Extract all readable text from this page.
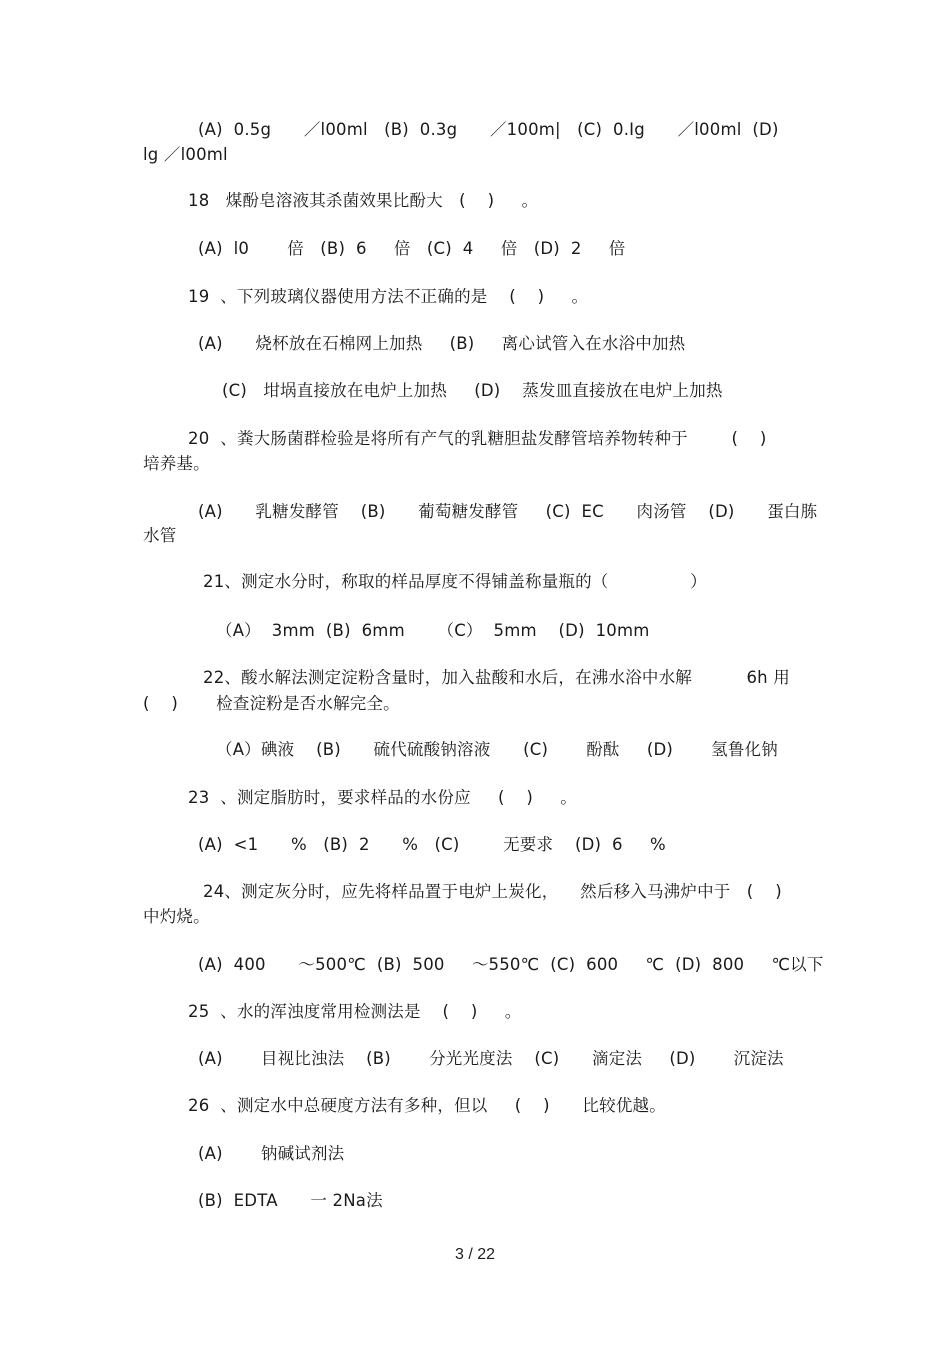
(A)  0.5g      ／l00ml   (B)  0.3g      ／100m|   (C)  0.Ig      ／l00ml  (D)
lg ／l00ml
18   煤酚皂溶液其杀菌效果比酚大   (    )     。
(A)  l0       倍   (B)  6     倍   (C)  4     倍   (D)  2     倍
19  、下列玻璃仪器使用方法不正确的是    (    )     。
(A)      烧杯放在石棉网上加热     (B)     离心试管入在水浴中加热
(C)   坩埚直接放在电炉上加热     (D)    蒸发皿直接放在电炉上加热
20  、粪大肠菌群检验是将所有产气的乳糖胆盐发酵管培养物转种于        (    )
培养基。
(A)      乳糖发酵管    (B)      葡萄糖发酵管     (C)  EC      肉汤管    (D)      蛋白胨
水管
21、测定水分时，称取的样品厚度不得铺盖称量瓶的（               ）
（A）  3mm  (B)  6mm      （C）  5mm    (D)  10mm
22、酸水解法测定淀粉含量时，加入盐酸和水后，在沸水浴中水解          6h 用
(    )       检查淀粉是否水解完全。
（A）碘液    (B)      硫代硫酸钠溶液      (C)       酚酞     (D)       氢鲁化钠
23  、测定脂肪时，要求样品的水份应     (    )     。
(A)  <1      %   (B)  2      %   (C)        无要求    (D)  6     %
24、测定灰分时，应先将样品置于电炉上炭化，    然后移入马沸炉中于   (    )
中灼烧。
(A)  400      ～500℃  (B)  500     ～550℃  (C)  600     ℃  (D)  800     ℃以下
25  、水的浑浊度常用检测法是    (    )     。
(A)       目视比浊法    (B)       分光光度法    (C)      滴定法     (D)       沉淀法
26  、测定水中总硬度方法有多种，但以     (    )      比较优越。
(A)       钠碱试剂法
(B)  EDTA      一 2Na法
3 / 22
